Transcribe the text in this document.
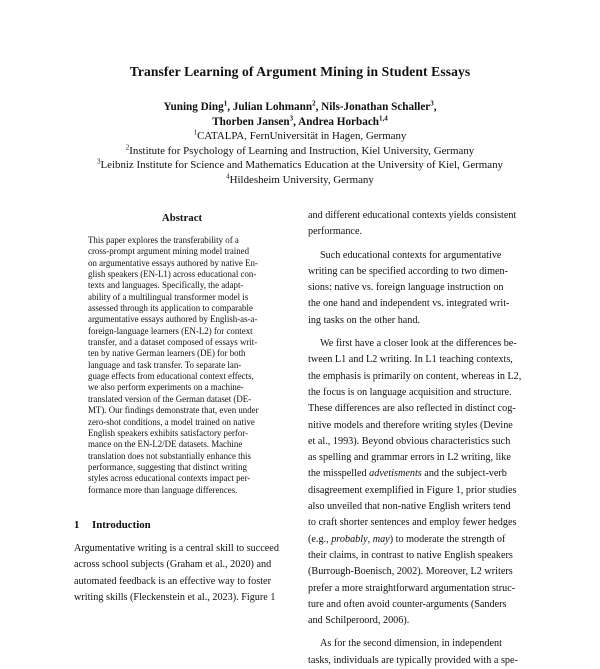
Transfer Learning of Argument Mining in Student Essays
Yuning Ding$^1$, Julian Lohmann$^2$, Nils-Jonathan Schaller$^3$,
Thorben Jansen$^3$, Andrea Horbach$^{1,4}$
$^1$CATALPA, FernUniversität in Hagen, Germany
$^2$Institute for Psychology of Learning and Instruction, Kiel University, Germany
$^3$Leibniz Institute for Science and Mathematics Education at the University of Kiel, Germany
$^4$Hildesheim University, Germany
Abstract
This paper explores the transferability of a
cross-prompt argument mining model trained
on argumentative essays authored by native En-
glish speakers (EN-L1) across educational con-
texts and languages. Specifically, the adapt-
ability of a multilingual transformer model is
assessed through its application to comparable
argumentative essays authored by English-as-a-
foreign-language learners (EN-L2) for context
transfer, and a dataset composed of essays writ-
ten by native German learners (DE) for both
language and task transfer. To separate lan-
guage effects from educational context effects,
we also perform experiments on a machine-
translated version of the German dataset (DE-
MT). Our findings demonstrate that, even under
zero-shot conditions, a model trained on native
English speakers exhibits satisfactory perfor-
mance on the EN-L2/DE datasets. Machine
translation does not substantially enhance this
performance, suggesting that distinct writing
styles across educational contexts impact per-
formance more than language differences.
1 Introduction
Argumentative writing is a central skill to succeed
across school subjects (Graham et al., 2020) and
automated feedback is an effective way to foster
writing skills (Fleckenstein et al., 2023). Figure 1
and different educational contexts yields consistent
performance.
Such educational contexts for argumentative
writing can be specified according to two dimen-
sions: native vs. foreign language instruction on
the one hand and independent vs. integrated writ-
ing tasks on the other hand.
We first have a closer look at the differences be-
tween L1 and L2 writing. In L1 teaching contexts,
the emphasis is primarily on content, whereas in L2,
the focus is on language acquisition and structure.
These differences are also reflected in distinct cog-
nitive models and therefore writing styles (Devine
et al., 1993). Beyond obvious characteristics such
as spelling and grammar errors in L2 writing, like
the misspelled advetisments and the subject-verb
disagreement exemplified in Figure 1, prior studies
also unveiled that non-native English writers tend
to craft shorter sentences and employ fewer hedges
(e.g., probably, may) to moderate the strength of
their claims, in contrast to native English speakers
(Burrough-Boenisch, 2002). Moreover, L2 writers
prefer a more straightforward argumentation struc-
ture and often avoid counter-arguments (Sanders
and Schilperoord, 2006).
As for the second dimension, in independent
tasks, individuals are typically provided with a spe-
